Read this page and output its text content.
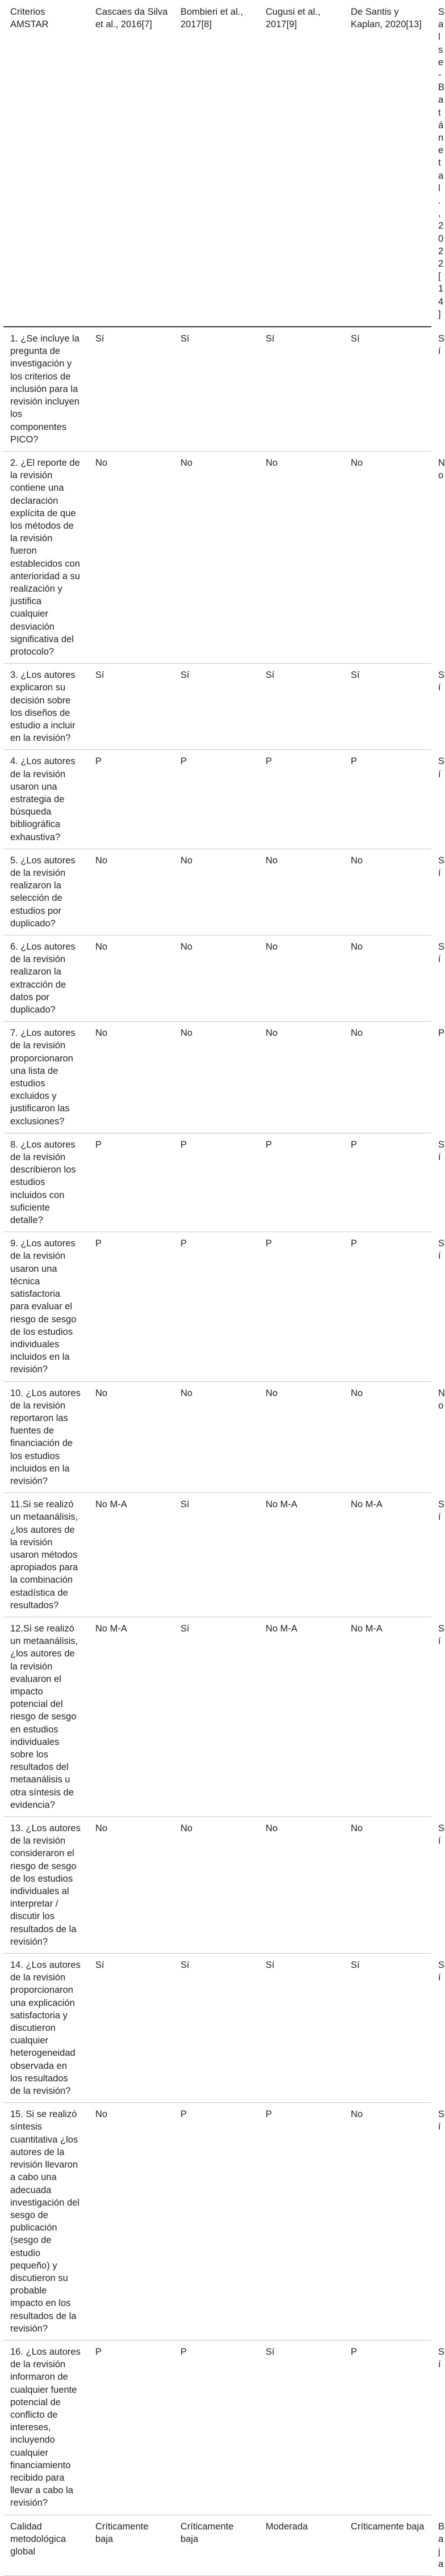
Criterios AMSTAR	Cascaes da Silva et al., 2016[7]	Bombieri et al., 2017[8]	Cugusi et al., 2017[9]	De Santis y Kaplan, 2020[13]	Salse-Batán et al., 2022[14]
1. ¿Se incluye la pregunta de investigación y los criterios de inclusión para la revisión incluyen los componentes PICO?	Sí	Sí	Sí	Sí	Sí
2. ¿El reporte de la revisión contiene una declaración explícita de que los métodos de la revisión fueron establecidos con anterioridad a su realización y justifica cualquier desviación significativa del protocolo?	No	No	No	No	No
3. ¿Los autores explicaron su decisión sobre los diseños de estudio a incluir en la revisión?	Sí	Sí	Sí	Sí	Sí
4. ¿Los autores de la revisión usaron una estrategia de búsqueda bibliográfica exhaustiva?	P	P	P	P	Sí
5. ¿Los autores de la revisión realizaron la selección de estudios por duplicado?	No	No	No	No	Sí
6. ¿Los autores de la revisión realizaron la extracción de datos por duplicado?	No	No	No	No	Sí
7. ¿Los autores de la revisión proporcionaron una lista de estudios excluidos y justificaron las exclusiones?	No	No	No	No	P
8. ¿Los autores de la revisión describieron los estudios incluidos con suficiente detalle?	P	P	P	P	Sí
9. ¿Los autores de la revisión usaron una técnica satisfactoria para evaluar el riesgo de sesgo de los estudios individuales incluidos en la revisión?	P	P	P	P	Sí
10. ¿Los autores de la revisión reportaron las fuentes de financiación de los estudios incluidos en la revisión?	No	No	No	No	No
11.Si se realizó un metaanálisis, ¿los autores de la revisión usaron métodos apropiados para la combinación estadística de resultados?	No M-A	Sí	No M-A	No M-A	Sí
12.Si se realizó un metaanálisis, ¿los autores de la revisión evaluaron el impacto potencial del riesgo de sesgo en estudios individuales sobre los resultados del metaanálisis u otra síntesis de evidencia?	No M-A	Sí	No M-A	No M-A	Sí
13. ¿Los autores de la revisión consideraron el riesgo de sesgo de los estudios individuales al interpretar / discutir los resultados de la revisión?	No	No	No	No	Sí
14. ¿Los autores de la revisión proporcionaron una explicación satisfactoria y discutieron cualquier heterogeneidad observada en los resultados de la revisión?	Sí	Sí	Sí	Sí	Sí
15. Si se realizó síntesis cuantitativa ¿los autores de la revisión llevaron a cabo una adecuada investigación del sesgo de publicación (sesgo de estudio pequeño) y discutieron su probable impacto en los resultados de la revisión?	No	P	P	No	Sí
16. ¿Los autores de la revisión informaron de cualquier fuente potencial de conflicto de intereses, incluyendo cualquier financiamiento recibido para llevar a cabo la revisión?	P	P	Sí	P	Sí
Calidad metodológica global	Críticamente baja	Críticamente baja	Moderada	Críticamente baja	Baja
